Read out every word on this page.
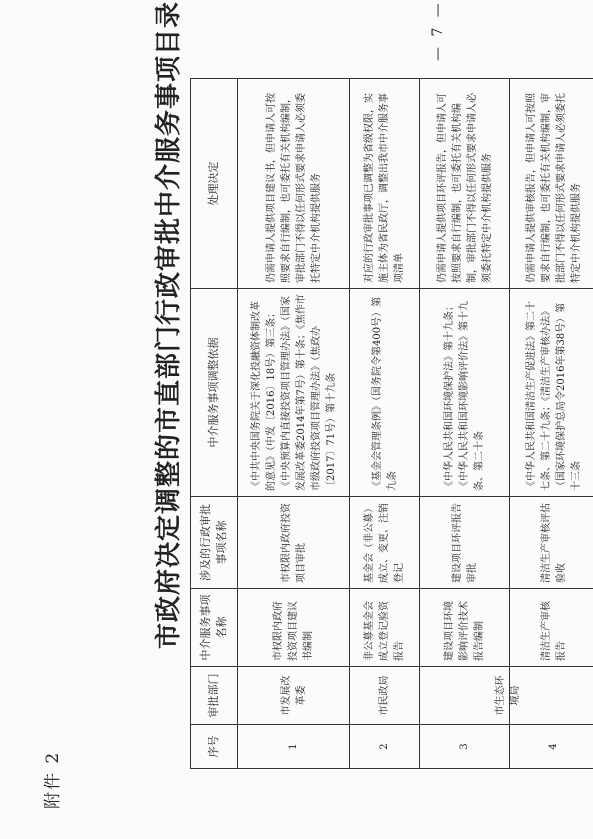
附件 2
市政府决定调整的市直部门行政审批中介服务事项目录
序号	审批部门	中介服务事项名称	涉及的行政审批事项名称	中介服务事项调整依据	处理决定
1	市发展改革委	市权限内政府投资项目建议书编制	市权限内政府投资项目审批	《中共中央国务院关于深化投融资体制改革的意见》（中发〔2016〕18号）第三条；《中央预算内直接投资项目管理办法》（国家发展改革委2014年第7号）第十条；《焦作市市级政府投资项目管理办法》（焦政办〔2017〕71号）第十九条	仍需申请人提供项目建议书，但申请人可按照要求自行编制，也可委托有关机构编制，审批部门不得以任何形式要求申请人必须委托特定中介机构提供服务
2	市民政局	非公募基金会成立登记验资报告	基金会（非公募）成立、变更、注销登记	《基金会管理条例》（国务院令第400号）第九条	对应的行政审批事项已调整为省级权限，实施主体为省民政厅，调整出我市中介服务事项清单
3	市生态环境局	建设项目环境影响评价技术报告编制	建设项目环评报告审批	《中华人民共和国环境保护法》第十九条；《中华人民共和国环境影响评价法》第十九条、第二十条	仍需申请人提供项目环评报告，但申请人可按照要求自行编制，也可委托有关机构编制，审批部门不得以任何形式要求申请人必须委托特定中介机构提供服务
4		清洁生产审核报告	清洁生产审核评估验收	《中华人民共和国清洁生产促进法》第二十七条、第二十九条；《清洁生产审核办法》（国家环境保护总局令2016年第38号）第十三条	仍需申请人提供审核报告，但申请人可按照要求自行编制，也可委托有关机构编制，审批部门不得以任何形式要求申请人必须委托特定中介机构提供服务
— 7 —
